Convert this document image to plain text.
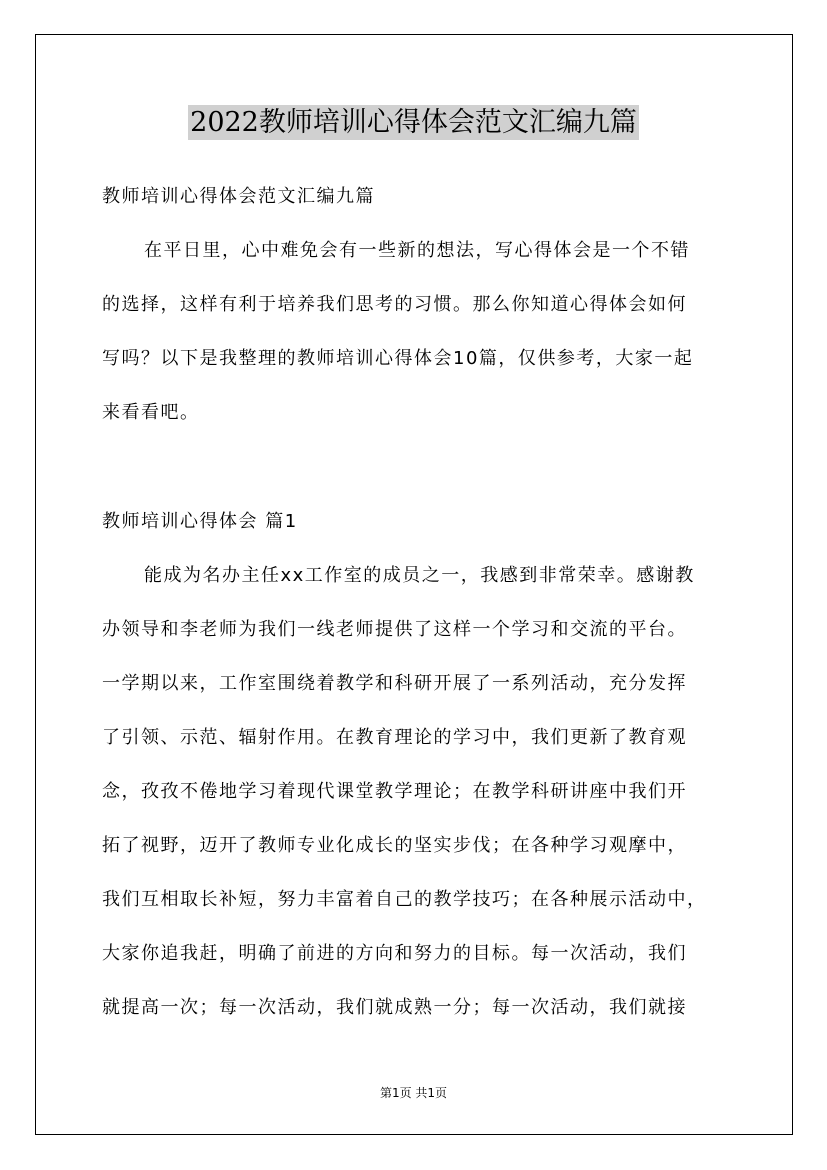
2022教师培训心得体会范文汇编九篇
教师培训心得体会范文汇编九篇
在平日里，心中难免会有一些新的想法，写心得体会是一个不错
的选择，这样有利于培养我们思考的习惯。那么你知道心得体会如何
写吗？以下是我整理的教师培训心得体会10篇，仅供参考，大家一起
来看看吧。
教师培训心得体会 篇1
能成为名办主任xx工作室的成员之一，我感到非常荣幸。感谢教
办领导和李老师为我们一线老师提供了这样一个学习和交流的平台。
一学期以来，工作室围绕着教学和科研开展了一系列活动，充分发挥
了引领、示范、辐射作用。在教育理论的学习中，我们更新了教育观
念，孜孜不倦地学习着现代课堂教学理论；在教学科研讲座中我们开
拓了视野，迈开了教师专业化成长的坚实步伐；在各种学习观摩中，
我们互相取长补短，努力丰富着自己的教学技巧；在各种展示活动中，
大家你追我赶，明确了前进的方向和努力的目标。每一次活动，我们
就提高一次；每一次活动，我们就成熟一分；每一次活动，我们就接
第1页 共1页
